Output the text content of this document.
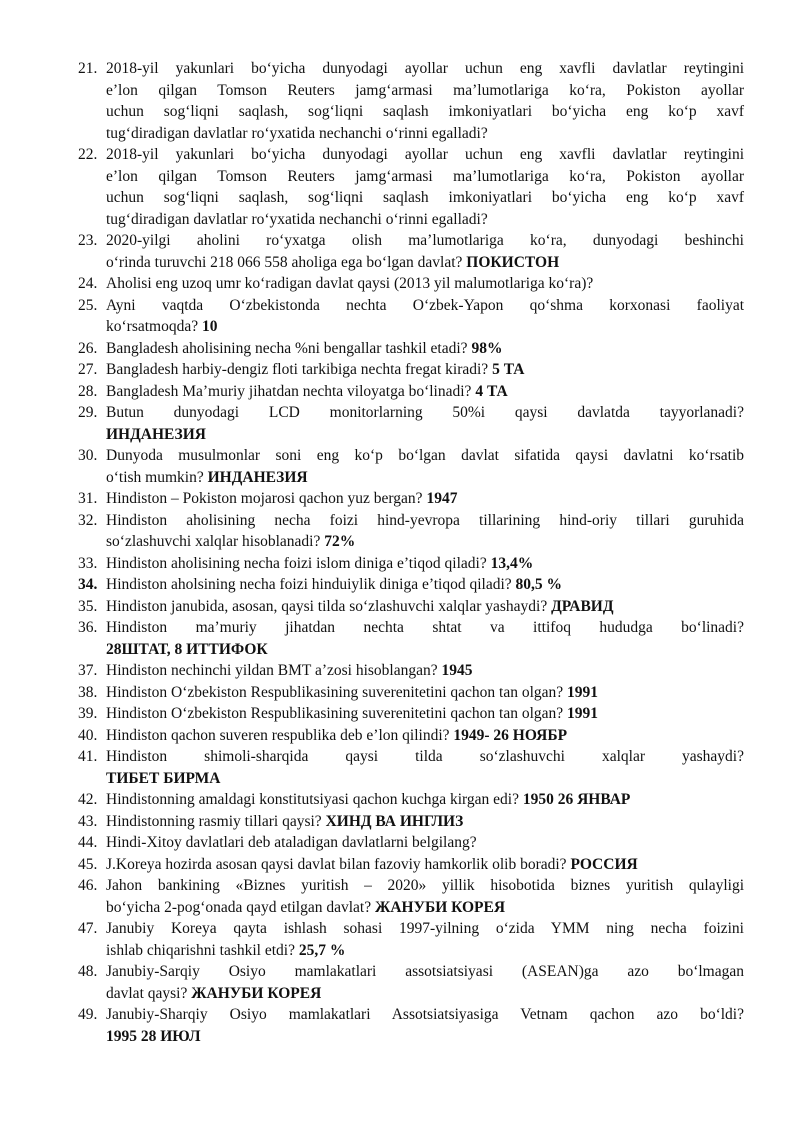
21. 2018-yil yakunlari bo‘yicha dunyodagi ayollar uchun eng xavfli davlatlar reytingini
e’lon qilgan Tomson Reuters jamg‘armasi ma’lumotlariga ko‘ra, Pokiston ayollar
uchun sog‘liqni saqlash, sog‘liqni saqlash imkoniyatlari bo‘yicha eng ko‘p xavf
tug‘diradigan davlatlar ro‘yxatida nechanchi o‘rinni egalladi?
22. 2018-yil yakunlari bo‘yicha dunyodagi ayollar uchun eng xavfli davlatlar reytingini
e’lon qilgan Tomson Reuters jamg‘armasi ma’lumotlariga ko‘ra, Pokiston ayollar
uchun sog‘liqni saqlash, sog‘liqni saqlash imkoniyatlari bo‘yicha eng ko‘p xavf
tug‘diradigan davlatlar ro‘yxatida nechanchi o‘rinni egalladi?
23. 2020-yilgi aholini ro‘yxatga olish ma’lumotlariga ko‘ra, dunyodagi beshinchi
o‘rinda turuvchi 218 066 558 aholiga ega bo‘lgan davlat? ПОКИСТОН
24. Aholisi eng uzoq umr ko‘radigan davlat qaysi (2013 yil malumotlariga ko‘ra)?
25. Ayni vaqtda O‘zbekistonda nechta O‘zbek-Yapon qo‘shma korxonasi faoliyat
ko‘rsatmoqda? 10
26. Bangladesh aholisining necha %ni bengallar tashkil etadi? 98%
27. Bangladesh harbiy-dengiz floti tarkibiga nechta fregat kiradi? 5 ТА
28. Bangladesh Ma’muriy jihatdan nechta viloyatga bo‘linadi? 4 ТА
29. Butun dunyodagi LCD monitorlarning 50%i qaysi davlatda tayyorlanadi?
ИНДАНЕЗИЯ
30. Dunyoda musulmonlar soni eng ko‘p bo‘lgan davlat sifatida qaysi davlatni ko‘rsatib
o‘tish mumkin? ИНДАНЕЗИЯ
31. Hindiston – Pokiston mojarosi qachon yuz bergan? 1947
32. Hindiston aholisining necha foizi hind-yevropa tillarining hind-oriy tillari guruhida
so‘zlashuvchi xalqlar hisoblanadi? 72%
33. Hindiston aholisining necha foizi islom diniga e’tiqod qiladi? 13,4%
34. Hindiston aholsining necha foizi hinduiylik diniga e’tiqod qiladi? 80,5 %
35. Hindiston janubida, asosan, qaysi tilda so‘zlashuvchi xalqlar yashaydi? ДРАВИД
36. Hindiston ma’muriy jihatdan nechta shtat va ittifoq hududga bo‘linadi?
28ШТАТ, 8 ИТТИФОК
37. Hindiston nechinchi yildan BMT a’zosi hisoblangan? 1945
38. Hindiston O‘zbekiston Respublikasining suverenitetini qachon tan olgan? 1991
39. Hindiston O‘zbekiston Respublikasining suverenitetini qachon tan olgan? 1991
40. Hindiston qachon suveren respublika deb e’lon qilindi? 1949- 26 НОЯБР
41. Hindiston shimoli-sharqida qaysi tilda so‘zlashuvchi xalqlar yashaydi?
ТИБЕТ БИРМА
42. Hindistonning amaldagi konstitutsiyasi qachon kuchga kirgan edi? 1950 26 ЯНВАР
43. Hindistonning rasmiy tillari qaysi? ХИНД ВА ИНГЛИЗ
44. Hindi-Xitoy davlatlari deb ataladigan davlatlarni belgilang?
45. J.Koreya hozirda asosan qaysi davlat bilan fazoviy hamkorlik olib boradi? РОССИЯ
46. Jahon bankining «Biznes yuritish – 2020» yillik hisobotida biznes yuritish qulayligi
bo‘yicha 2-pog‘onada qayd etilgan davlat? ЖАНУБИ КОРЕЯ
47. Janubiy Koreya qayta ishlash sohasi 1997-yilning o‘zida YMM ning necha foizini
ishlab chiqarishni tashkil etdi? 25,7 %
48. Janubiy-Sarqiy Osiyo mamlakatlari assotsiatsiyasi (ASEAN)ga azo bo‘lmagan
davlat qaysi? ЖАНУБИ КОРЕЯ
49. Janubiy-Sharqiy Osiyo mamlakatlari Assotsiatsiyasiga Vetnam qachon azo bo‘ldi?
1995 28 ИЮЛ
